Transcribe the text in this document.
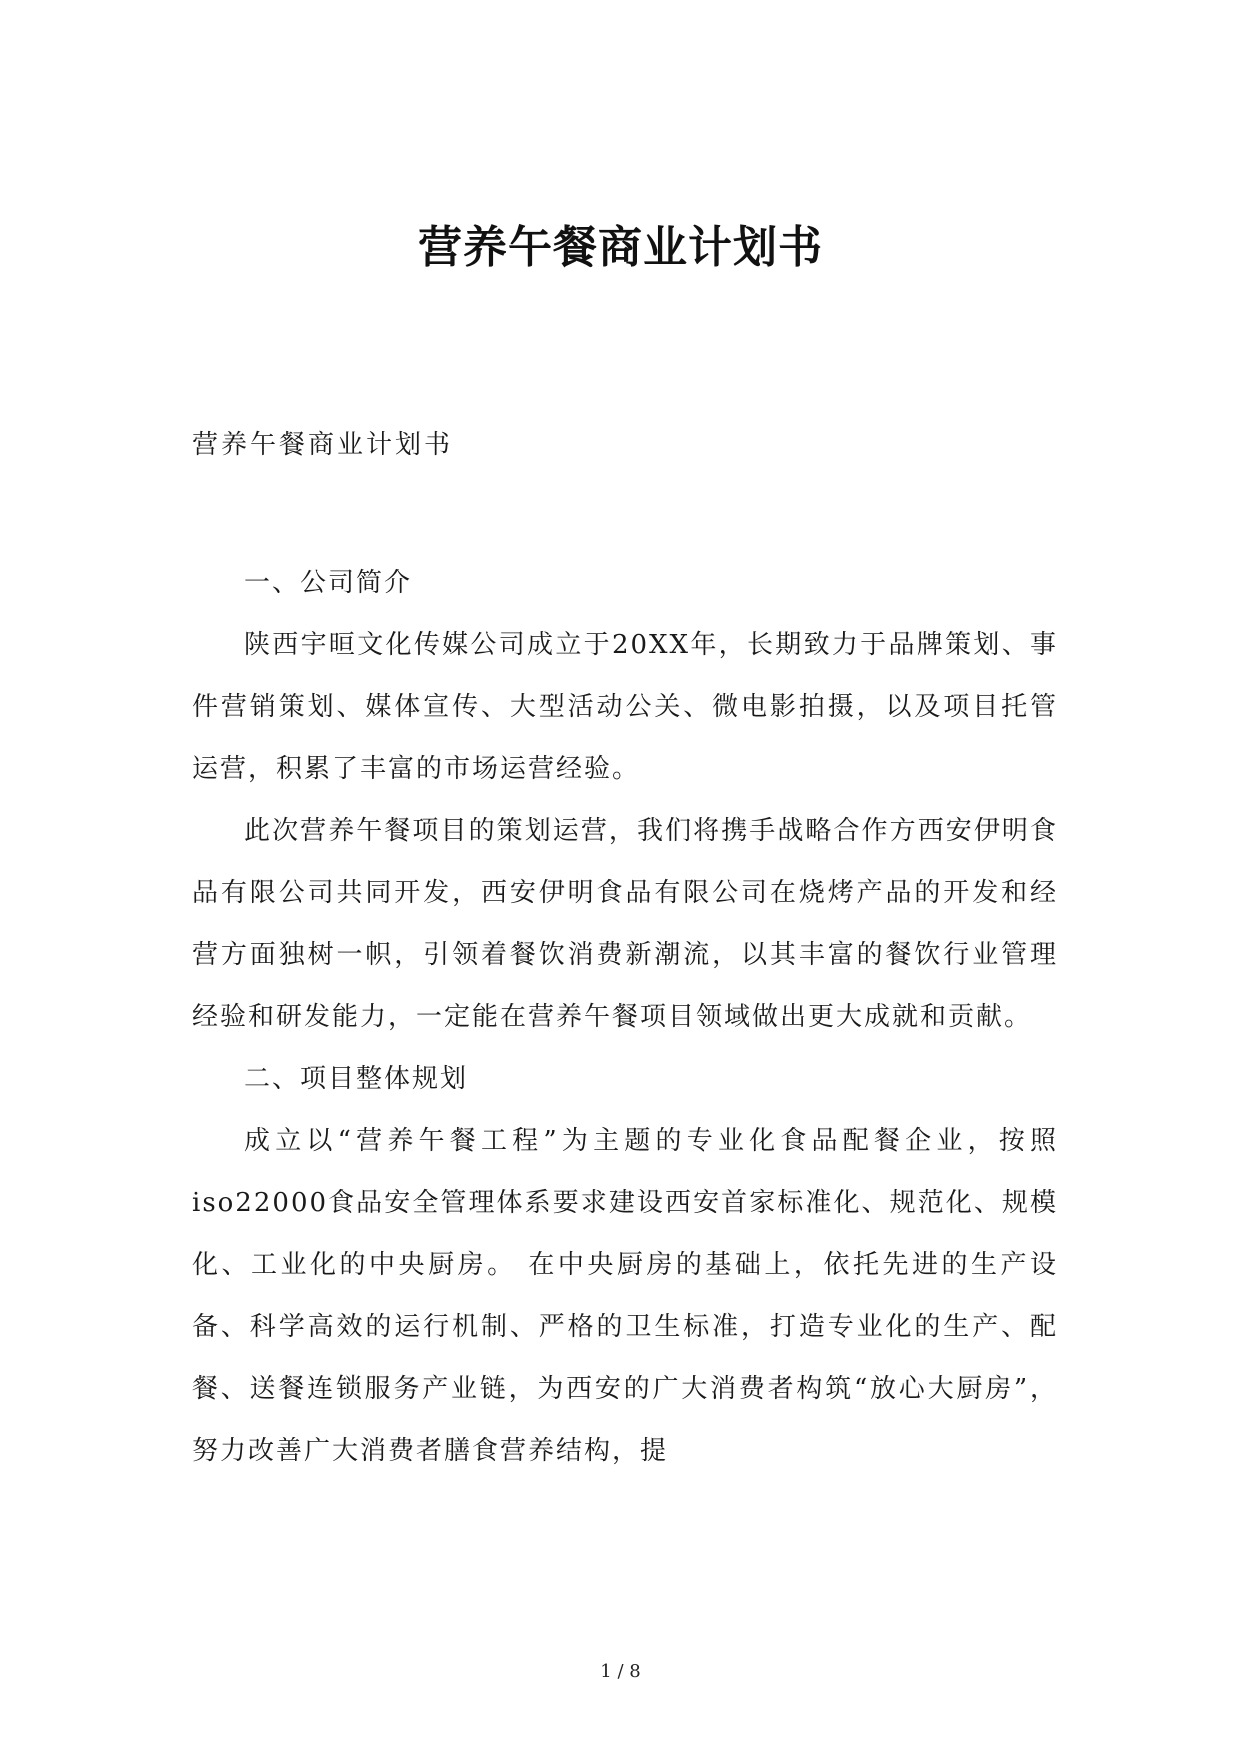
营养午餐商业计划书
营养午餐商业计划书

一、公司简介

陕西宇晅文化传媒公司成立于20XX年，长期致力于品牌策划、事件营销策划、媒体宣传、大型活动公关、微电影拍摄，以及项目托管运营，积累了丰富的市场运营经验。

此次营养午餐项目的策划运营，我们将携手战略合作方西安伊明食品有限公司共同开发，西安伊明食品有限公司在烧烤产品的开发和经营方面独树一帜，引领着餐饮消费新潮流，以其丰富的餐饮行业管理经验和研发能力，一定能在营养午餐项目领域做出更大成就和贡献。

二、项目整体规划

成立以“营养午餐工程”为主题的专业化食品配餐企业，按照iso22000食品安全管理体系要求建设西安首家标准化、规范化、规模化、工业化的中央厨房。 在中央厨房的基础上，依托先进的生产设备、科学高效的运行机制、严格的卫生标准，打造专业化的生产、配餐、送餐连锁服务产业链，为西安的广大消费者构筑“放心大厨房”，努力改善广大消费者膳食营养结构，提

1 / 8
